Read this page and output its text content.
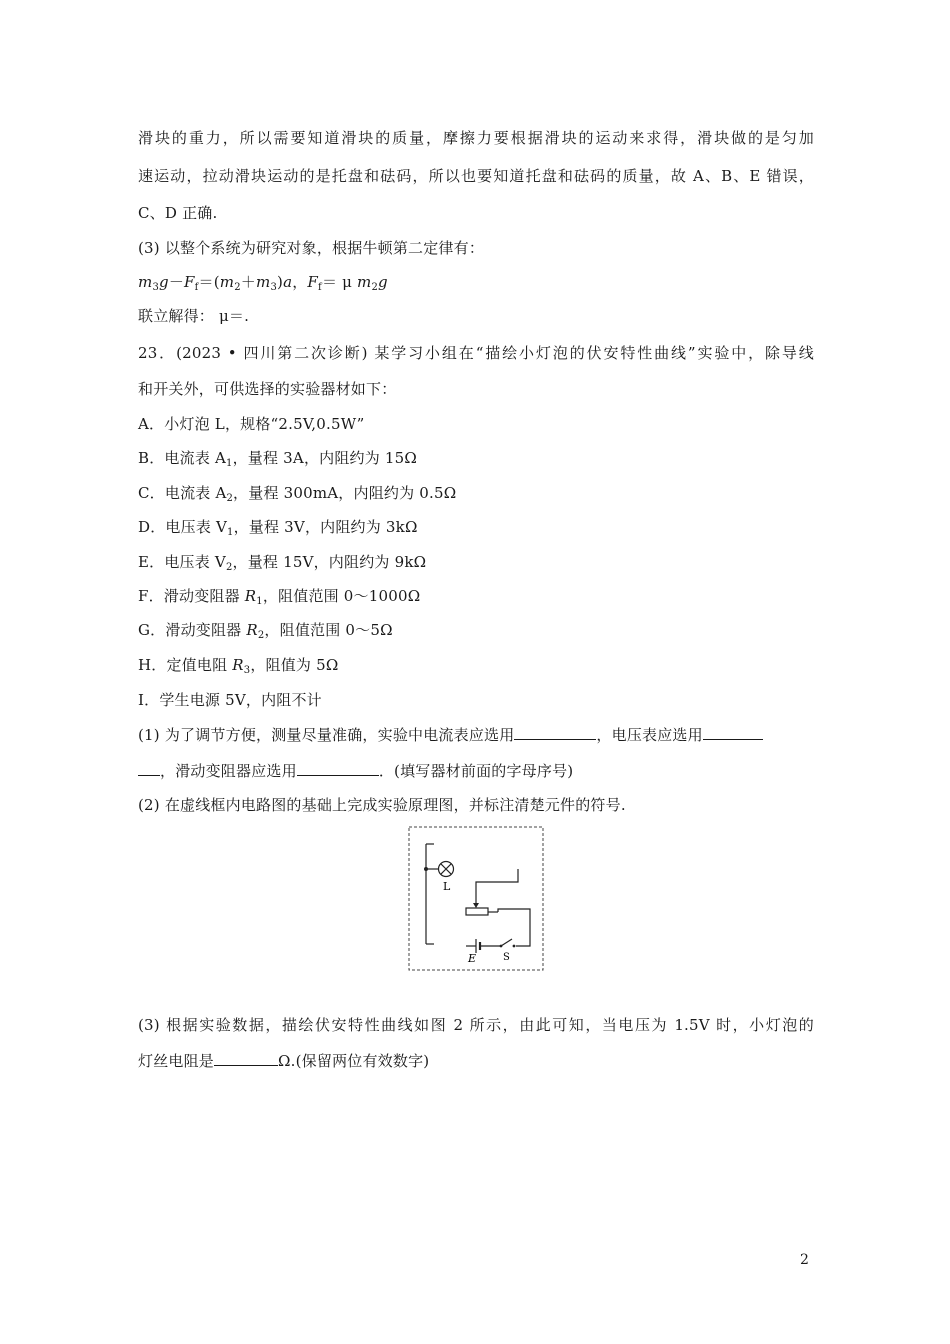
滑块的重力，所以需要知道滑块的质量，摩擦力要根据滑块的运动来求得，滑块做的是匀加
速运动，拉动滑块运动的是托盘和砝码，所以也要知道托盘和砝码的质量，故 A、B、E 错误，
C、D 正确.
(3) 以整个系统为研究对象，根据牛顿第二定律有：
$m_3g-F_f=(m_2+m_3)a$，$F_f= \mu$ $m_2g$
联立解得： μ＝.
23．(2023 • 四川第二次诊断) 某学习小组在“描绘小灯泡的伏安特性曲线”实验中，除导线
和开关外，可供选择的实验器材如下：
A．小灯泡 L，规格“2.5V,0.5W”
B．电流表 $A_1$，量程 3A，内阻约为 15Ω
C．电流表 $A_2$，量程 300mA，内阻约为 0.5Ω
D．电压表 $V_1$，量程 3V，内阻约为 3kΩ
E．电压表 $V_2$，量程 15V，内阻约为 9kΩ
F．滑动变阻器 $R_1$，阻值范围 0～1000Ω
G．滑动变阻器 $R_2$，阻值范围 0～5Ω
H．定值电阻 $R_3$，阻值为 5Ω
I．学生电源 5V，内阻不计
(1) 为了调节方便，测量尽量准确，实验中电流表应选用	，电压表应选用
，滑动变阻器应选用	．(填写器材前面的字母序号)
(2) 在虚线框内电路图的基础上完成实验原理图，并标注清楚元件的符号.
L
E	S
(3) 根据实验数据，描绘伏安特性曲线如图 2 所示，由此可知，当电压为 1.5V 时，小灯泡的
灯丝电阻是	Ω.(保留两位有效数字)
2
